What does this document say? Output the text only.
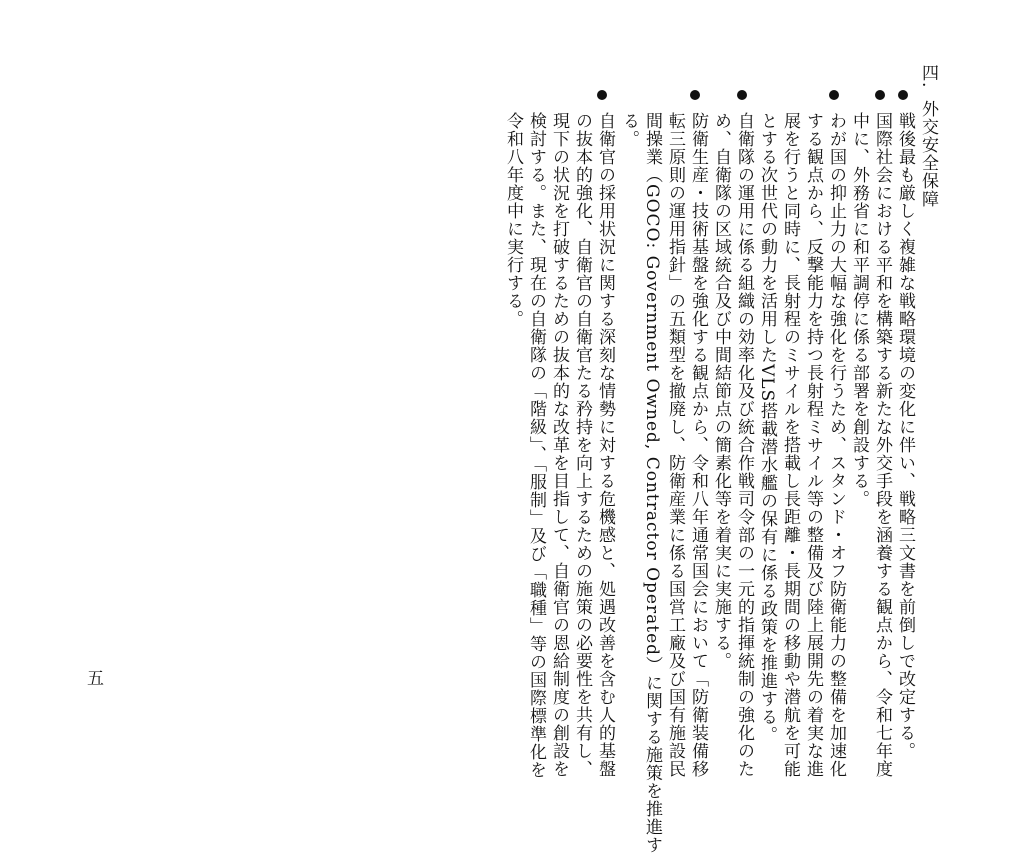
四.
外交安全保障
戦後最も厳しく複雑な戦略環境の変化に伴い、戦略三文書を前倒しで改定する。
国際社会における平和を構築する新たな外交手段を涵養する観点から、令和七年度
中に、外務省に和平調停に係る部署を創設する。
わが国の抑止力の大幅な強化を行うため、スタンド・オフ防衛能力の整備を加速化
する観点から、反撃能力を持つ長射程ミサイル等の整備及び陸上展開先の着実な進
展を行うと同時に、長射程のミサイルを搭載し長距離・長期間の移動や潜航を可能
とする次世代の動力を活用したVLS搭載潜水艦の保有に係る政策を推進する。
自衛隊の運用に係る組織の効率化及び統合作戦司令部の一元的指揮統制の強化のた
め、自衛隊の区域統合及び中間結節点の簡素化等を着実に実施する。
防衛生産・技術基盤を強化する観点から、令和八年通常国会において「防衛装備移
転三原則の運用指針」の五類型を撤廃し、防衛産業に係る国営工廠及び国有施設民
間操業（GOCO: Government Owned, Contractor Operated）に関する施策を推進す
る。
自衛官の採用状況に関する深刻な情勢に対する危機感と、処遇改善を含む人的基盤
の抜本的強化、自衛官の自衛官たる矜持を向上するための施策の必要性を共有し、
現下の状況を打破するための抜本的な改革を目指して、自衛官の恩給制度の創設を
検討する。また、現在の自衛隊の「階級」、「服制」及び「職種」等の国際標準化を
令和八年度中に実行する。
五
